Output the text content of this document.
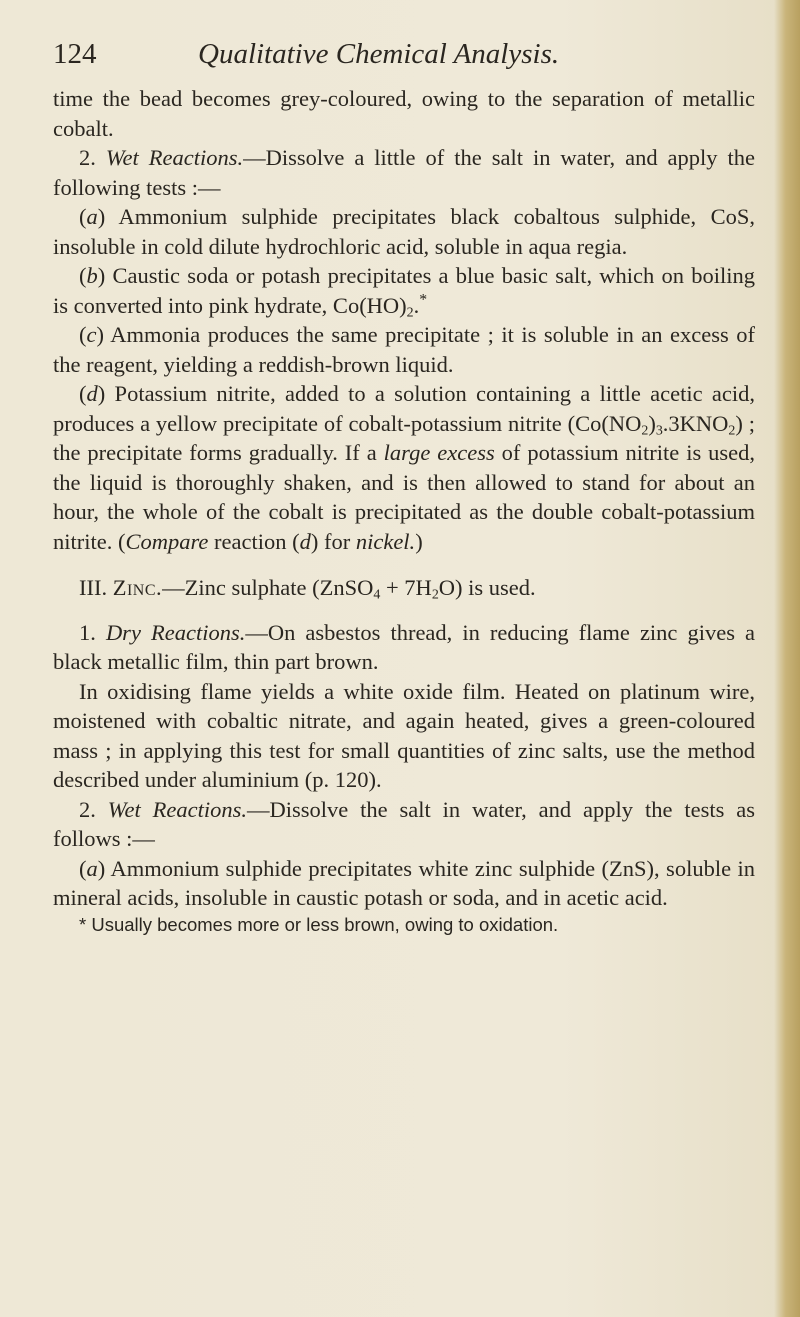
124	Qualitative Chemical Analysis.

time the bead becomes grey-coloured, owing to the separation of metallic cobalt.

2. Wet Reactions.—Dissolve a little of the salt in water, and apply the following tests :—

(a) Ammonium sulphide precipitates black cobaltous sulphide, CoS, insoluble in cold dilute hydrochloric acid, soluble in aqua regia.

(b) Caustic soda or potash precipitates a blue basic salt, which on boiling is converted into pink hydrate, $Co(HO)_2.^*$

(c) Ammonia produces the same precipitate ; it is soluble in an excess of the reagent, yielding a reddish-brown liquid.

(d) Potassium nitrite, added to a solution containing a little acetic acid, produces a yellow precipitate of cobalt-potassium nitrite $(Co(NO_2)_3.3KNO_2)$ ; the precipitate forms gradually. If a large excess of potassium nitrite is used, the liquid is thoroughly shaken, and is then allowed to stand for about an hour, the whole of the cobalt is precipitated as the double cobalt-potassium nitrite. (Compare reaction (d) for nickel.)

III. Zinc.—Zinc sulphate (ZnSO$_4$ + $7H_2O$) is used.

1. Dry Reactions.—On asbestos thread, in reducing flame zinc gives a black metallic film, thin part brown.

In oxidising flame yields a white oxide film. Heated on platinum wire, moistened with cobaltic nitrate, and again heated, gives a green-coloured mass ; in applying this test for small quantities of zinc salts, use the method described under aluminium (p. 120).

2. Wet Reactions.—Dissolve the salt in water, and apply the tests as follows :—

(a) Ammonium sulphide precipitates white zinc sulphide (ZnS), soluble in mineral acids, insoluble in caustic potash or soda, and in acetic acid.

* Usually becomes more or less brown, owing to oxidation.
